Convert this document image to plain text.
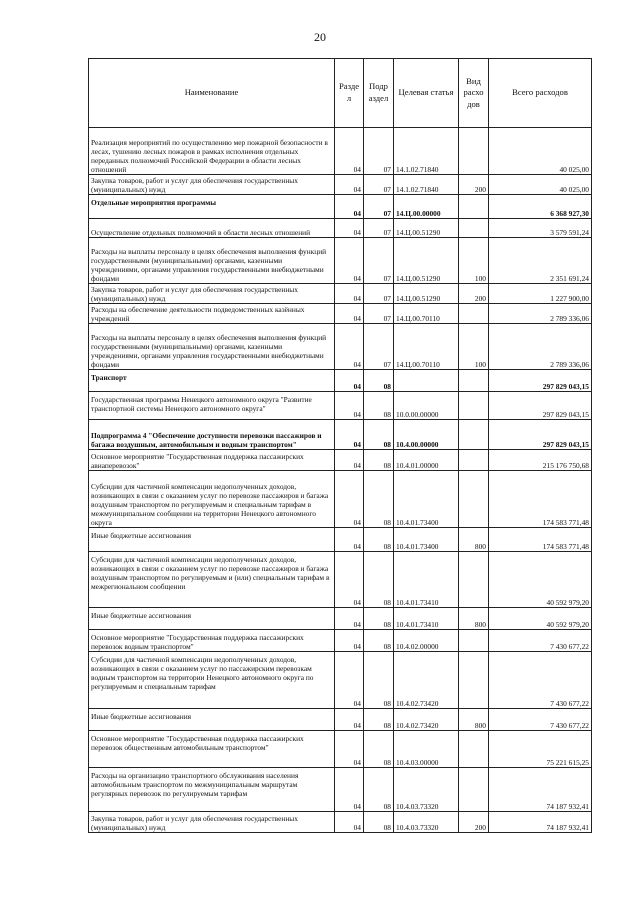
20
Наименование	Разде л	Подр аздел	Целевая статья	Вид расхо дов	Всего расходов
Реализация мероприятий по осуществлению мер пожарной безопасности в лесах, тушению лесных пожаров в рамках исполнения отдельных переданных полномочий Российской Федерации в области лесных отношений	04	07	14.1.02.71840		40 025,00
Закупка товаров, работ и услуг для обеспечения государственных (муниципальных) нужд	04	07	14.1.02.71840	200	40 025,00
Отдельные мероприятия программы	04	07	14.Ц.00.00000		6 368 927,30
Осуществление отдельных полномочий в области лесных отношений	04	07	14.Ц.00.51290		3 579 591,24
Расходы на выплаты персоналу в целях обеспечения выполнения функций государственными (муниципальными) органами, казенными учреждениями, органами управления государственными внебюджетными фондами	04	07	14.Ц.00.51290	100	2 351 691,24
Закупка товаров, работ и услуг для обеспечения государственных (муниципальных) нужд	04	07	14.Ц.00.51290	200	1 227 900,00
Расходы на обеспечение деятельности подведомственных казённых учреждений	04	07	14.Ц.00.70110		2 789 336,06
Расходы на выплаты персоналу в целях обеспечения выполнения функций государственными (муниципальными) органами, казенными учреждениями, органами управления государственными внебюджетными фондами	04	07	14.Ц.00.70110	100	2 789 336,06
Транспорт	04	08			297 829 043,15
Государственная программа Ненецкого автономного округа "Развитие транспортной системы Ненецкого автономного округа"	04	08	10.0.00.00000		297 829 043,15
Подпрограмма 4 "Обеспечение доступности перевозки пассажиров и багажа воздушным, автомобильным и водным транспортом"	04	08	10.4.00.00000		297 829 043,15
Основное мероприятие "Государственная поддержка пассажирских авиаперевозок"	04	08	10.4.01.00000		215 176 750,68
Субсидии для частичной компенсации недополученных доходов, возникающих в связи с оказанием услуг по перевозке пассажиров и багажа воздушным транспортом по регулируемым и специальным тарифам в межмуниципальном сообщении на территории Ненецкого автономного округа	04	08	10.4.01.73400		174 583 771,48
Иные бюджетные ассигнования	04	08	10.4.01.73400	800	174 583 771,48
Субсидии для частичной компенсации недополученных доходов, возникающих в связи с оказанием услуг по перевозке пассажиров и багажа воздушным транспортом по регулируемым и (или) специальным тарифам в межрегиональном сообщении	04	08	10.4.01.73410		40 592 979,20
Иные бюджетные ассигнования	04	08	10.4.01.73410	800	40 592 979,20
Основное мероприятие "Государственная поддержка пассажирских перевозок водным транспортом"	04	08	10.4.02.00000		7 430 677,22
Субсидии для частичной компенсации недополученных доходов, возникающих в связи с оказанием услуг по пассажирским перевозкам водным транспортом на территории Ненецкого автономного округа по регулируемым и специальным тарифам	04	08	10.4.02.73420		7 430 677,22
Иные бюджетные ассигнования	04	08	10.4.02.73420	800	7 430 677,22
Основное мероприятие "Государственная поддержка пассажирских перевозок общественным автомобильным транспортом"	04	08	10.4.03.00000		75 221 615,25
Расходы на организацию транспортного обслуживания населения автомобильным транспортом по межмуниципальным маршрутам регулярных перевозок по регулируемым тарифам	04	08	10.4.03.73320		74 187 932,41
Закупка товаров, работ и услуг для обеспечения государственных (муниципальных) нужд	04	08	10.4.03.73320	200	74 187 932,41
